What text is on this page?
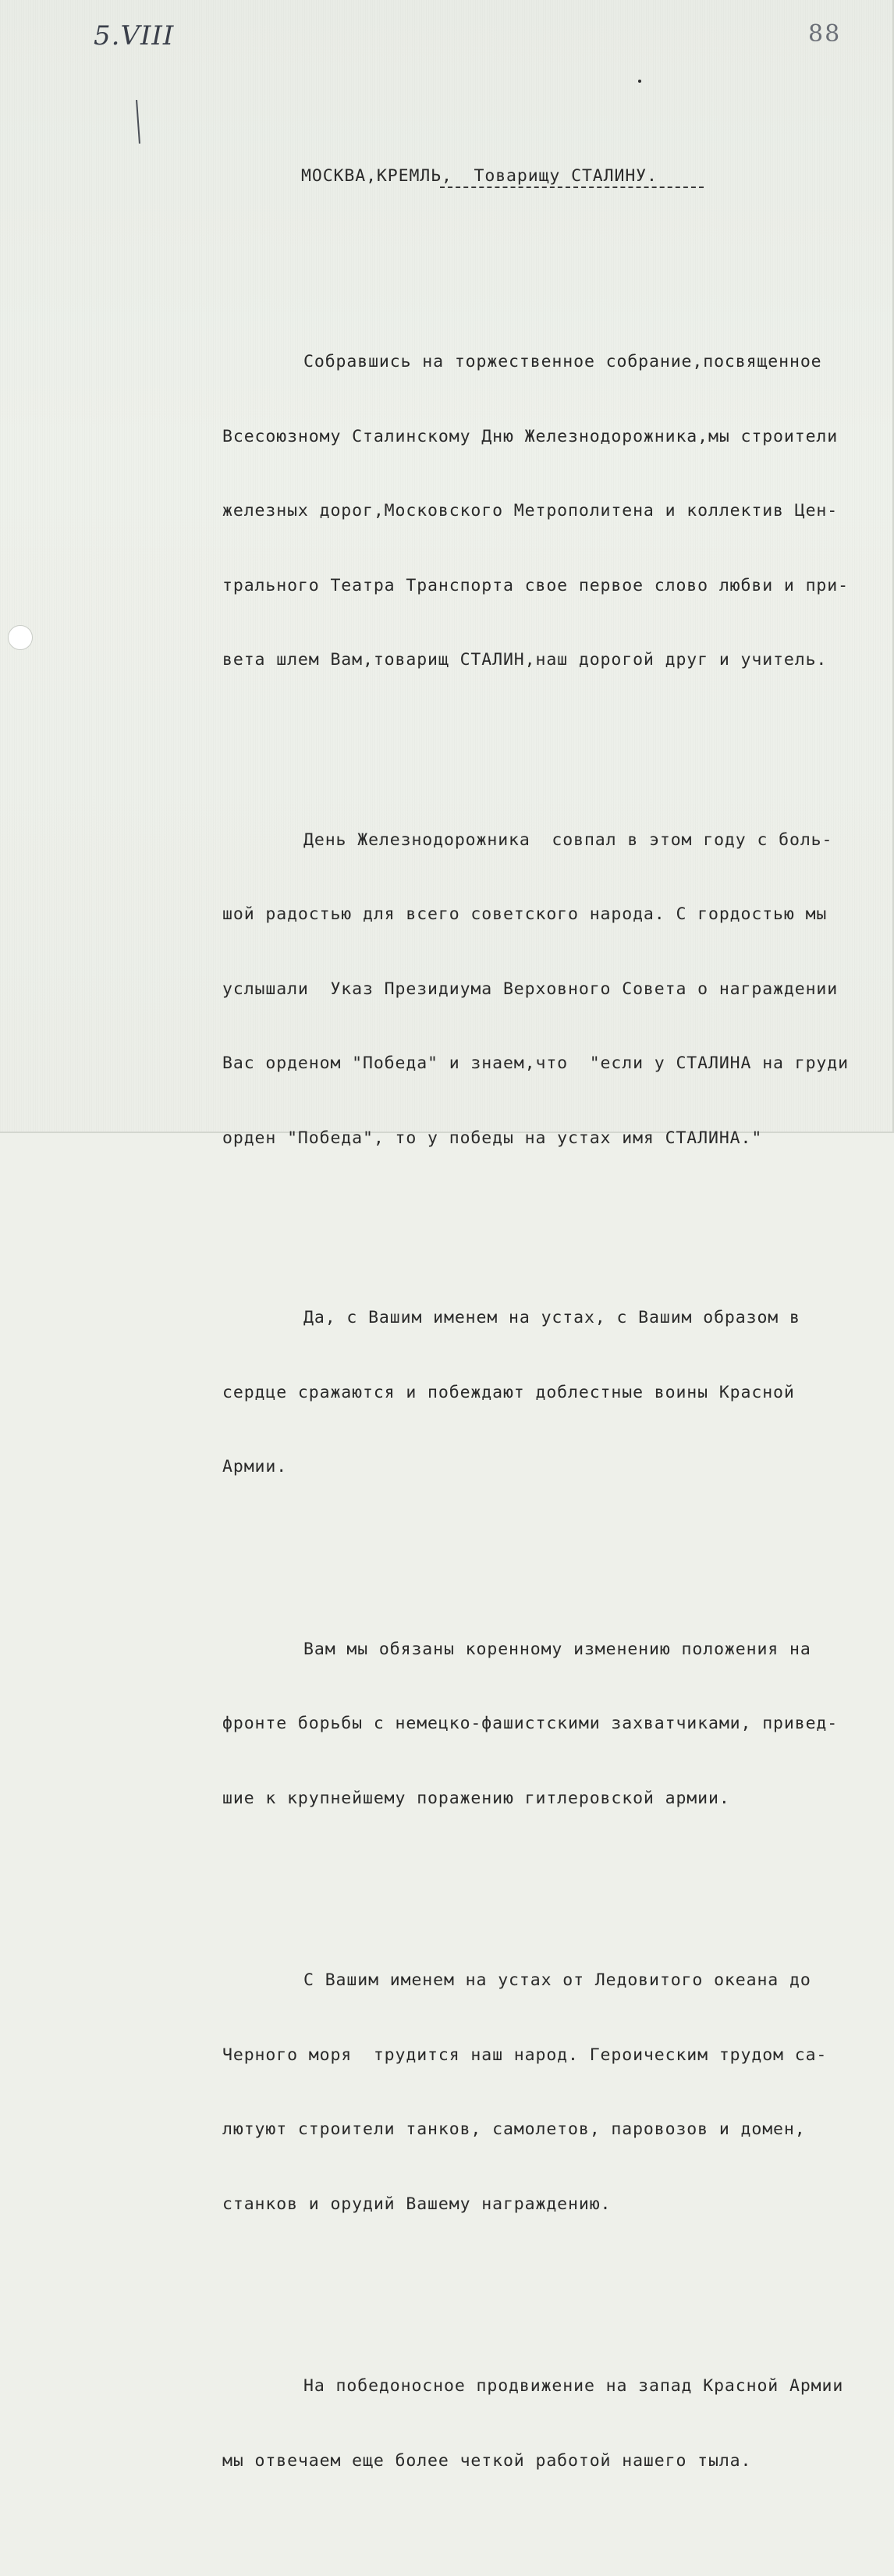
5.VIII	88
МОСКВА,КРЕМЛЬ,  Товарищу СТАЛИНУ.

Собравшись на торжественное собрание,посвященное

Всесоюзному Сталинскому Дню Железнодорожника,мы строители

железных дорог,Московского Метрополитена и коллектив Цен-

трального Театра Транспорта свое первое слово любви и при-

вета шлем Вам,товарищ СТАЛИН,наш дорогой друг и учитель.

День Железнодорожника  совпал в этом году с боль-

шой радостью для всего советского народа. С гордостью мы

услышали  Указ Президиума Верховного Совета о награждении

Вас орденом "Победа" и знаем,что  "если у СТАЛИНА на груди

орден "Победа", то у победы на устах имя СТАЛИНА."

Да, с Вашим именем на устах, с Вашим образом в

сердце сражаются и побеждают доблестные воины Красной

Армии.

Вам мы обязаны коренному изменению положения на

фронте борьбы с немецко-фашистскими захватчиками, привед-

шие к крупнейшему поражению гитлеровской армии.

С Вашим именем на устах от Ледовитого океана до

Черного моря  трудится наш народ. Героическим трудом са-

лютуют строители танков, самолетов, паровозов и домен,

станков и орудий Вашему награждению.

На победоносное продвижение на запад Красной Армии

мы отвечаем еще более четкой работой нашего тыла.
